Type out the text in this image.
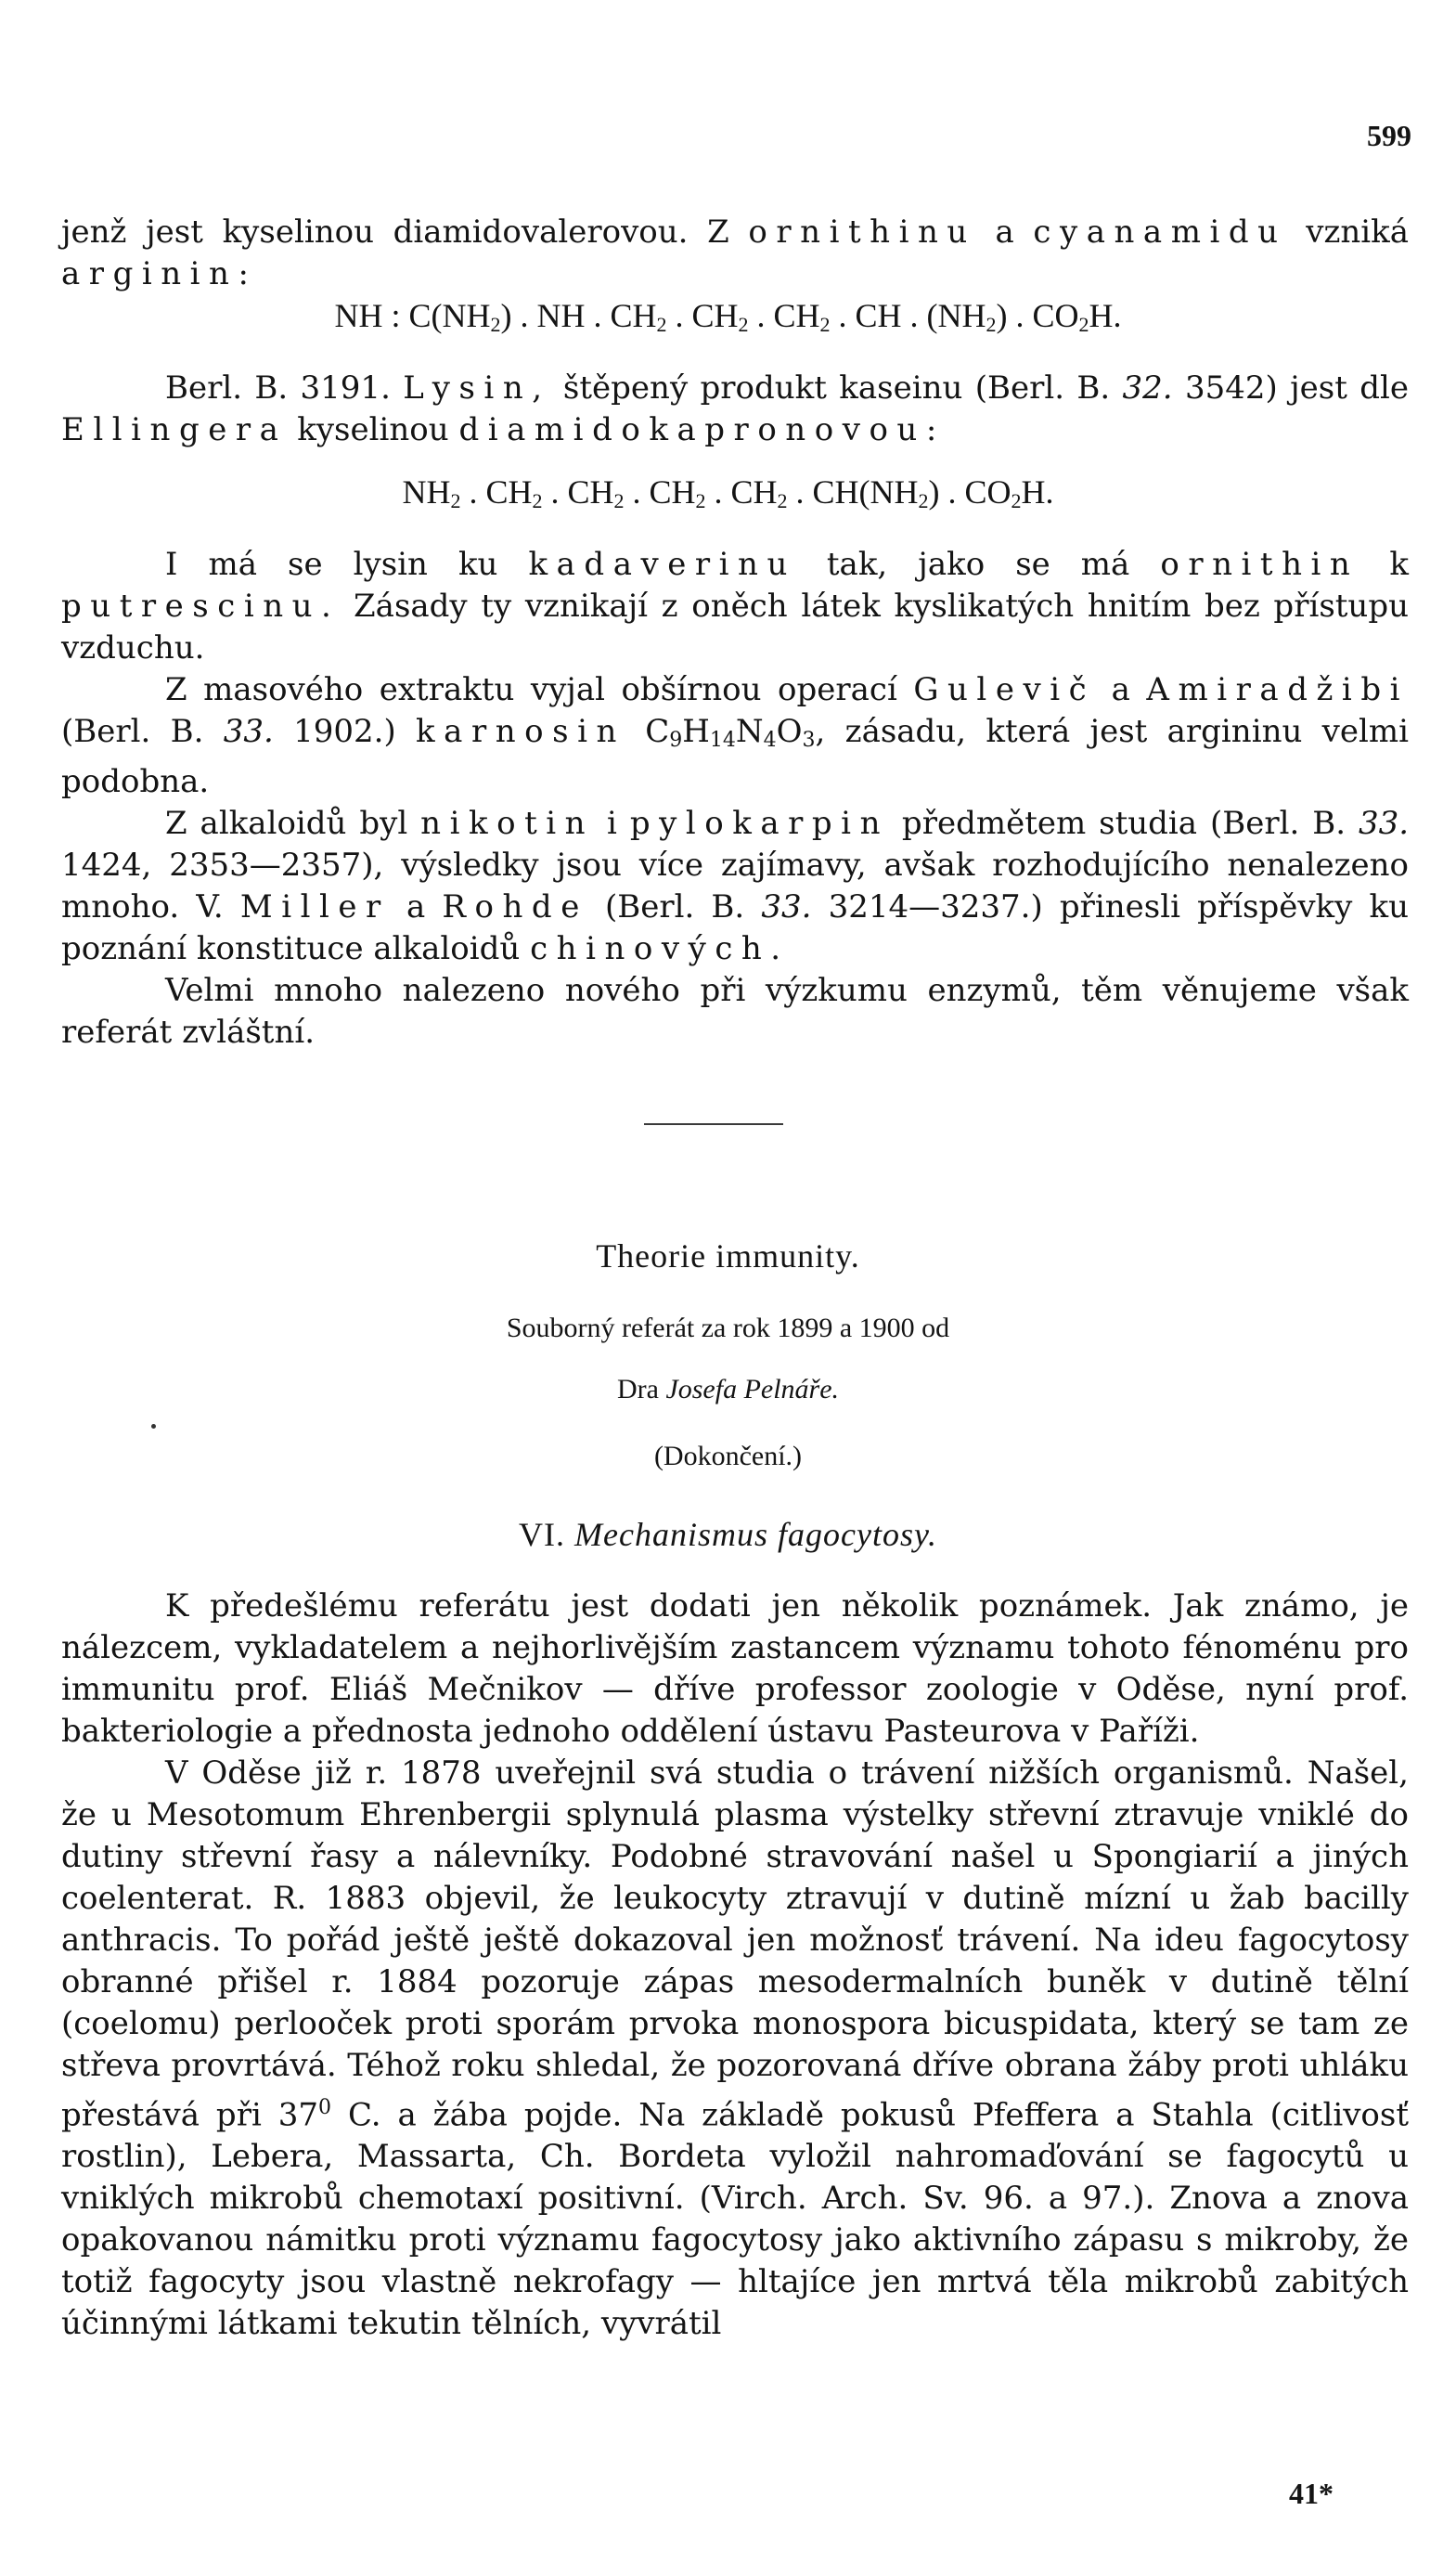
599

jenž jest kyselinou diamidovalerovou. Z ornithinu a cyanamidu vzniká arginin:

NH : $C(NH_2)$ . NH . $CH_2$ . $CH_2$ . $CH_2$ . CH . $(NH_2)$ . $CO_2H$.

Berl. B. 3191. Lysin, štěpený produkt kaseinu (Berl. B. 32. 3542) jest dle Ellingera kyselinou diamidokapronovou:

$NH_2$ . $CH_2$ . $CH_2$ . $CH_2$ . $CH_2$ . $CH(NH_2)$ . $CO_2H$.

I má se lysin ku kadaverinu tak, jako se má ornithin k putrescinu. Zásady ty vznikají z oněch látek kyslikatých hnitím bez přístupu vzduchu.

Z masového extraktu vyjal obšírnou operací Gulevič a Amiradžibi (Berl. B. 33. 1902.) karnosin $C_9H_{14}N_4O_3$, zásadu, která jest argininu velmi podobna.

Z alkaloidů byl nikotin i pylokarpin předmětem studia (Berl. B. 33. 1424, 2353—2357), výsledky jsou více zajímavy, avšak rozhodujícího nenalezeno mnoho. V. Miller a Rohde (Berl. B. 33. 3214—3237.) přinesli příspěvky ku poznání konstituce alkaloidů chinových.

Velmi mnoho nalezeno nového při výzkumu enzymů, těm věnujeme však referát zvláštní.

Theorie immunity.
Souborný referát za rok 1899 a 1900 od
Dra Josefa Pelnáře.
(Dokončení.)
VI. Mechanismus fagocytosy.

K předešlému referátu jest dodati jen několik poznámek. Jak známo, je nálezcem, vykladatelem a nejhorlivějším zastancem významu tohoto fénoménu pro immunitu prof. Eliáš Mečnikov — dříve professor zoologie v Oděse, nyní prof. bakteriologie a přednosta jednoho oddělení ústavu Pasteurova v Paříži.

V Oděse již r. 1878 uveřejnil svá studia o trávení nižších organismů. Našel, že u Mesotomum Ehrenbergii splynulá plasma výstelky střevní ztravuje vniklé do dutiny střevní řasy a nálevníky. Podobné stravování našel u Spongiarií a jiných coelenterat. R. 1883 objevil, že leukocyty ztravují v dutině mízní u žab bacilly anthracis. To pořád ještě ještě dokazoval jen možnosť trávení. Na ideu fagocytosy obranné přišel r. 1884 pozoruje zápas mesodermalních buněk v dutině tělní (coelomu) perlooček proti sporám prvoka monospora bicuspidata, který se tam ze střeva provrtává. Téhož roku shledal, že pozorovaná dříve obrana žáby proti uhláku přestává při $37^0$ C. a žába pojde. Na základě pokusů Pfeffera a Stahla (citlivosť rostlin), Lebera, Massarta, Ch. Bordeta vyložil nahromaďování se fagocytů u vniklých mikrobů chemotaxí positivní. (Virch. Arch. Sv. 96. a 97.). Znova a znova opakovanou námitku proti významu fagocytosy jako aktivního zápasu s mikroby, že totiž fagocyty jsou vlastně nekrofagy — hltajíce jen mrtvá těla mikrobů zabitých účinnými látkami tekutin tělních, vyvrátil

41*
